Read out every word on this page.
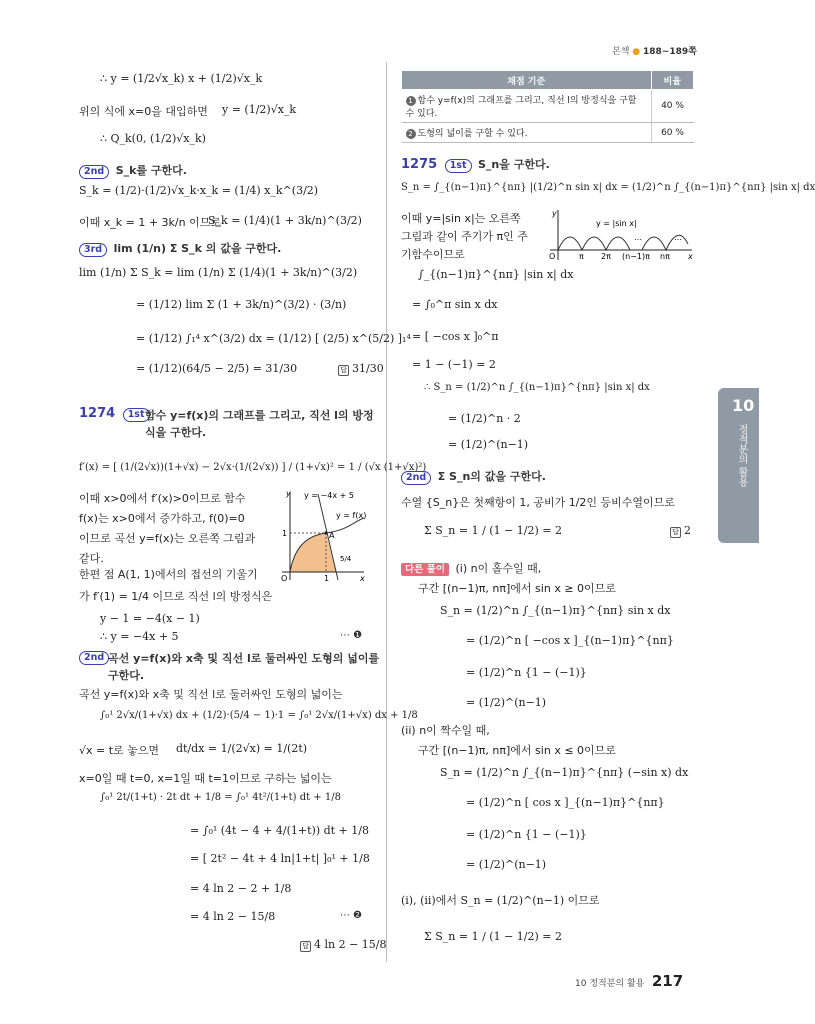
본책 ● 188~189쪽
∴ y = (1/2√x_k) x + (1/2)√x_k
위의 식에 x=0을 대입하면 y = (1/2)√x_k
∴ Q_k(0, (1/2)√x_k)
2nd S_k를 구한다.
S_k = (1/2)·(1/2)√x_k·x_k = (1/4) x_k^(3/2)
이때 x_k = 1 + 3k/n 이므로
S_k = (1/4)(1 + 3k/n)^(3/2)
3rd lim (1/n) Σ S_k 의 값을 구한다.
lim (1/n) Σ S_k = lim (1/n) Σ (1/4)(1 + 3k/n)^(3/2)
= (1/12) lim Σ (1 + 3k/n)^(3/2) · (3/n)
= (1/12) ∫₁⁴ x^(3/2) dx = (1/12) [ (2/5) x^(5/2) ]₁⁴
= (1/12)(64/5 − 2/5) = 31/30	답 31/30
1274 1st 함수 y=f(x)의 그래프를 그리고, 직선 l의 방정식을 구한다.
f′(x) = [ (1/(2√x))(1+√x) − 2√x·(1/(2√x)) ] / (1+√x)² = 1 / (√x (1+√x)²)
이때 x>0에서 f′(x)>0이므로 함수
f(x)는 x>0에서 증가하고, f(0)=0
이므로 곡선 y=f(x)는 오른쪽 그림과
같다.
한편 점 A(1, 1)에서의 접선의 기울기
가 f′(1) = 1/4 이므로 직선 l의 방정식은
y y = −4x + 5
y = f(x)
A
5/4
1
1
O	x
y − 1 = −4(x − 1)
∴ y = −4x + 5	⋯ ❶
2nd 곡선 y=f(x)와 x축 및 직선 l로 둘러싸인 도형의 넓이를 구한다.
곡선 y=f(x)와 x축 및 직선 l로 둘러싸인 도형의 넓이는
∫₀¹ 2√x/(1+√x) dx + (1/2)·(5/4 − 1)·1 = ∫₀¹ 2√x/(1+√x) dx + 1/8
√x = t로 놓으면 dt/dx = 1/(2√x) = 1/(2t)
x=0일 때 t=0, x=1일 때 t=1이므로 구하는 넓이는
∫₀¹ 2t/(1+t) · 2t dt + 1/8 = ∫₀¹ 4t²/(1+t) dt + 1/8
= ∫₀¹ (4t − 4 + 4/(1+t)) dt + 1/8
= [ 2t² − 4t + 4 ln|1+t| ]₀¹ + 1/8
= 4 ln 2 − 2 + 1/8
= 4 ln 2 − 15/8	⋯ ❷
답 4 ln 2 − 15/8
채점 기준	비율
1 함수 y=f(x)의 그래프를 그리고, 직선 l의 방정식을 구할 수 있다.	40 %
2 도형의 넓이를 구할 수 있다.	60 %
1275 1st S_n을 구한다.
S_n = ∫_{(n−1)π}^{nπ} |(1/2)^n sin x| dx = (1/2)^n ∫_{(n−1)π}^{nπ} |sin x| dx
이때 y=|sin x|는 오른쪽
그림과 같이 주기가 π인 주
기함수이므로
y
y = |sin x|
⋯	⋯
O	π 2π (n−1)π nπ x
∫_{(n−1)π}^{nπ} |sin x| dx
= ∫₀^π sin x dx
= [ −cos x ]₀^π
= 1 − (−1) = 2
∴ S_n = (1/2)^n ∫_{(n−1)π}^{nπ} |sin x| dx
= (1/2)^n · 2
= (1/2)^(n−1)
2nd Σ S_n의 값을 구한다.
수열 {S_n}은 첫째항이 1, 공비가 1/2인 등비수열이므로
Σ S_n = 1 / (1 − 1/2) = 2	답 2
다른 풀이 (i) n이 홀수일 때,
구간 [(n−1)π, nπ]에서 sin x ≥ 0이므로
S_n = (1/2)^n ∫_{(n−1)π}^{nπ} sin x dx
= (1/2)^n [ −cos x ]_{(n−1)π}^{nπ}
= (1/2)^n {1 − (−1)}
= (1/2)^(n−1)
(ii) n이 짝수일 때,
구간 [(n−1)π, nπ]에서 sin x ≤ 0이므로
S_n = (1/2)^n ∫_{(n−1)π}^{nπ} (−sin x) dx
= (1/2)^n [ cos x ]_{(n−1)π}^{nπ}
= (1/2)^n {1 − (−1)}
= (1/2)^(n−1)
(i), (ii)에서 S_n = (1/2)^(n−1) 이므로
Σ S_n = 1 / (1 − 1/2) = 2
10
정적분의 활용
10 정적분의 활용 217
